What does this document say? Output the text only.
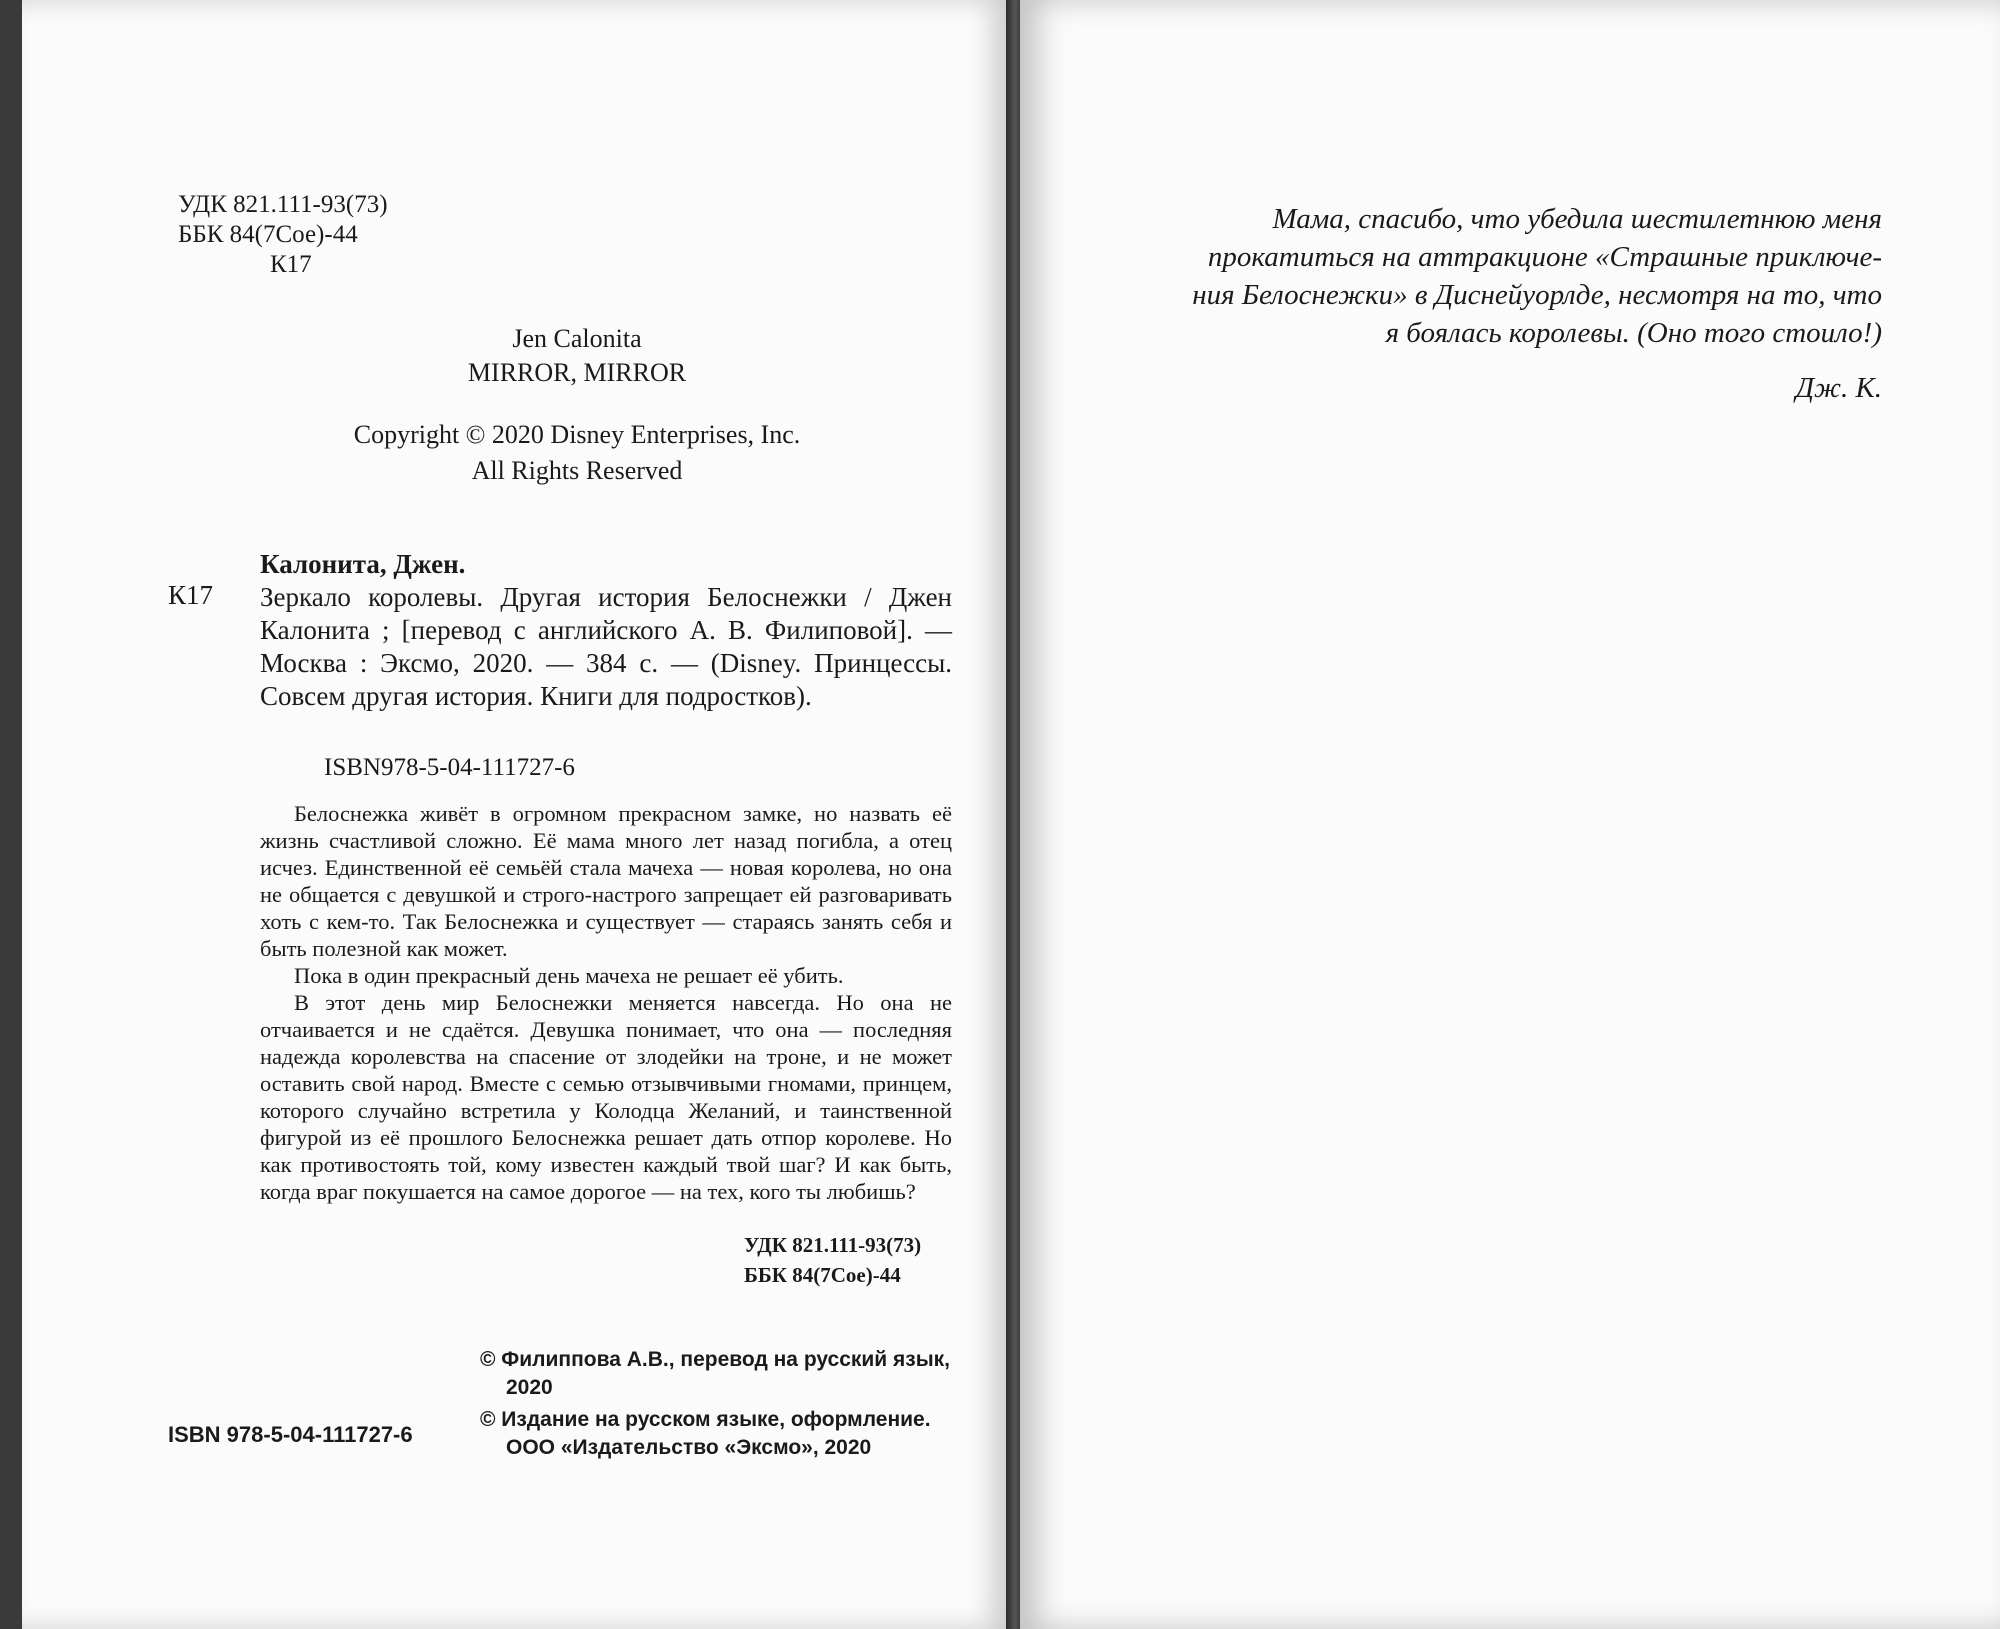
УДК 821.111-93(73)
ББК 84(7Сое)-44
К17
Jen Calonita
MIRROR, MIRROR
Copyright © 2020 Disney Enterprises, Inc.
All Rights Reserved
К17
Калонита, Джен.
Зеркало королевы. Другая история Белоснежки / Джен Калонита ; [перевод с английского А. В. Филиповой]. — Москва : Эксмо, 2020. — 384 с. — (Disney. Принцессы. Совсем другая история. Книги для подростков).
ISBN978-5-04-111727-6

Белоснежка живёт в огромном прекрасном замке, но назвать её жизнь счастливой сложно. Её мама много лет назад погибла, а отец исчез. Единственной её семьёй стала мачеха — новая королева, но она не общается с девушкой и строго-настрого запрещает ей разговаривать хоть с кем-то. Так Белоснежка и существует — стараясь занять себя и быть полезной как может.

Пока в один прекрасный день мачеха не решает её убить.

В этот день мир Белоснежки меняется навсегда. Но она не отчаивается и не сдаётся. Девушка понимает, что она — последняя надежда королевства на спасение от злодейки на троне, и не может оставить свой народ. Вместе с семью отзывчивыми гномами, принцем, которого случайно встретила у Колодца Желаний, и таинственной фигурой из её прошлого Белоснежка решает дать отпор королеве. Но как противостоять той, кому известен каждый твой шаг? И как быть, когда враг покушается на самое дорогое — на тех, кого ты любишь?

УДК 821.111-93(73)
ББК 84(7Сое)-44
© Филиппова А.В., перевод на русский язык, 2020
© Издание на русском языке, оформление. ООО «Издательство «Эксмо», 2020
ISBN 978-5-04-111727-6
Мама, спасибо, что убедила шестилетнюю меня
прокатиться на аттракционе «Страшные приключе-
ния Белоснежки» в Диснейуорлде, несмотря на то, что
я боялась королевы. (Оно того стоило!)
Дж. К.
